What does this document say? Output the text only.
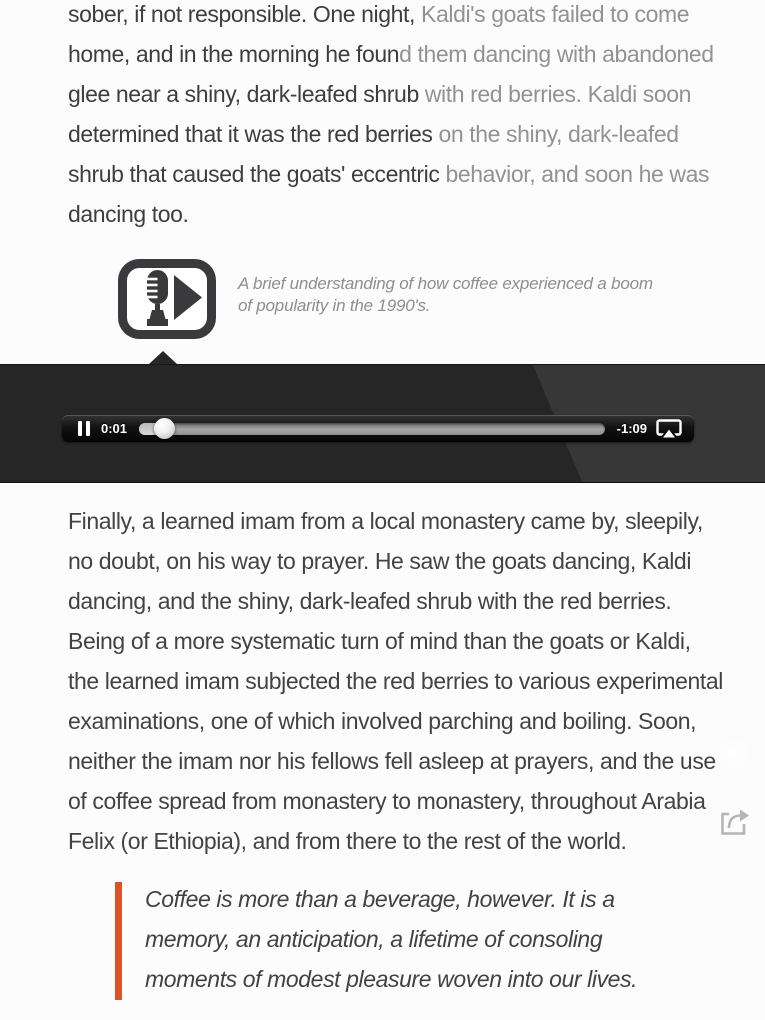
sober, if not responsible. One night, Kaldi's goats failed to come
home, and in the morning he found them dancing with abandoned
glee near a shiny, dark-leafed shrub with red berries. Kaldi soon
determined that it was the red berries on the shiny, dark-leafed
shrub that caused the goats' eccentric behavior, and soon he was
dancing too.
A brief understanding of how coffee experienced a boom
of popularity in the 1990's.
0:01	-1:09
✕
Finally, a learned imam from a local monastery came by, sleepily,
no doubt, on his way to prayer. He saw the goats dancing, Kaldi
dancing, and the shiny, dark-leafed shrub with the red berries.
Being of a more systematic turn of mind than the goats or Kaldi,
the learned imam subjected the red berries to various experimental
examinations, one of which involved parching and boiling. Soon,
neither the imam nor his fellows fell asleep at prayers, and the use
of coffee spread from monastery to monastery, throughout Arabia
Felix (or Ethiopia), and from there to the rest of the world.
Coffee is more than a beverage, however. It is a
memory, an anticipation, a lifetime of consoling
moments of modest pleasure woven into our lives.
